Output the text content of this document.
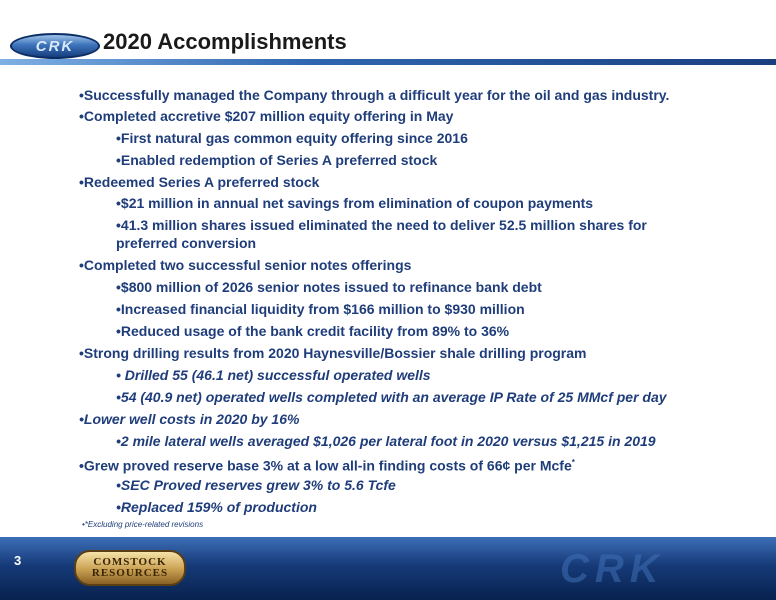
CRK	2020 Accomplishments
•Successfully managed the Company through a difficult year for the oil and gas industry.
•Completed accretive $207 million equity offering in May
•First natural gas common equity offering since 2016
•Enabled redemption of Series A preferred stock
•Redeemed Series A preferred stock
•$21 million in annual net savings from elimination of coupon payments
•41.3 million shares issued eliminated the need to deliver 52.5 million shares for preferred conversion
•Completed two successful senior notes offerings
•$800 million of 2026 senior notes issued to refinance bank debt
•Increased financial liquidity from $166 million to $930 million
•Reduced usage of the bank credit facility from 89% to 36%
•Strong drilling results from 2020 Haynesville/Bossier shale drilling program
• Drilled 55 (46.1 net) successful operated wells
•54 (40.9 net) operated wells completed with an average IP Rate of 25 MMcf per day
•Lower well costs in 2020 by 16%
•2 mile lateral wells averaged $1,026 per lateral foot in 2020 versus $1,215 in 2019
•Grew proved reserve base 3% at a low all-in finding costs of 66¢ per Mcfe*
•SEC Proved reserves grew 3% to 5.6 Tcfe
•Replaced 159% of production
•*Excluding price-related revisions
3	COMSTOCK RESOURCES	CRK
